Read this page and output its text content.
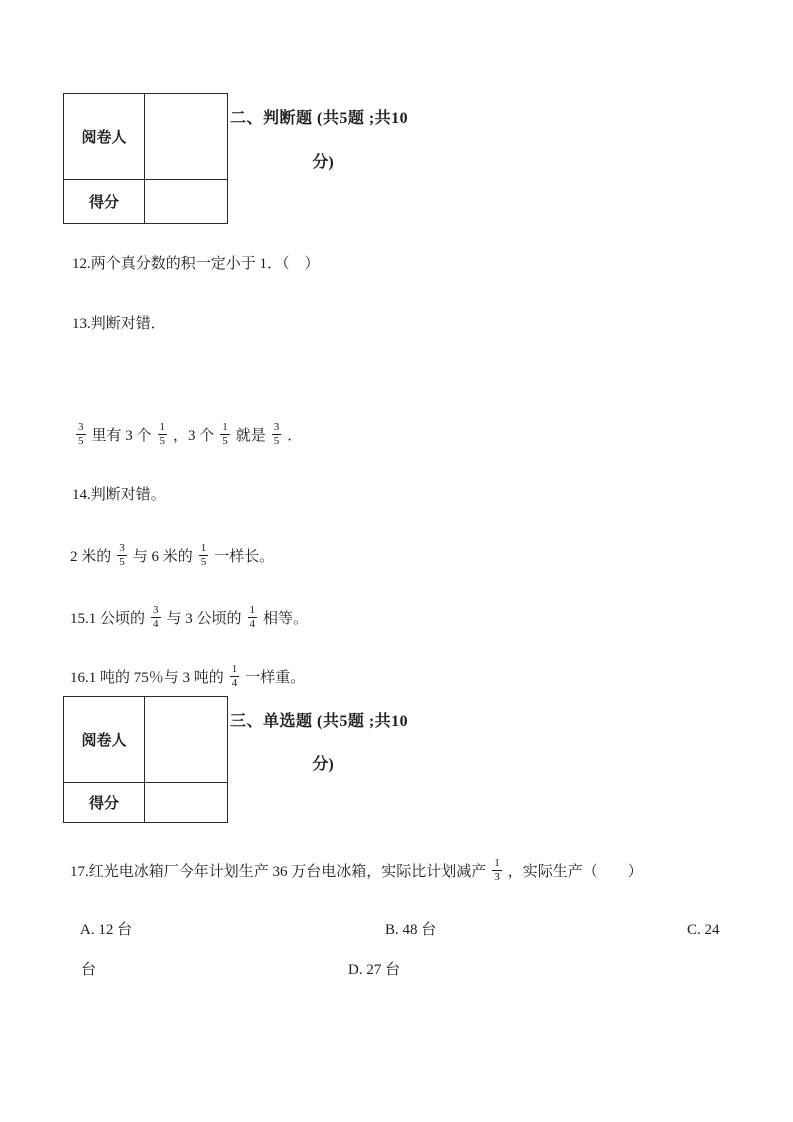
阅卷人
得分
二、判断题 (共5题 ;共10
分)
12.两个真分数的积一定小于 1．（　）
13.判断对错．
$\frac{3}{5}$ 里有 3 个 $\frac{1}{5}$ ，3 个 $\frac{1}{5}$ 就是 $\frac{3}{5}$ ．
14.判断对错。
2 米的 $\frac{3}{5}$ 与 6 米的 $\frac{1}{5}$ 一样长。
15.1 公顷的 $\frac{3}{4}$ 与 3 公顷的 $\frac{1}{4}$ 相等。
16.1 吨的 75％与 3 吨的 $\frac{1}{4}$ 一样重。
阅卷人
得分
三、单选题 (共5题 ;共10
分)
17.红光电冰箱厂今年计划生产 36 万台电冰箱，实际比计划减产 $\frac{1}{3}$ ，实际生产（　　）
A. 12 台	B. 48 台	C. 24
台	D. 27 台
